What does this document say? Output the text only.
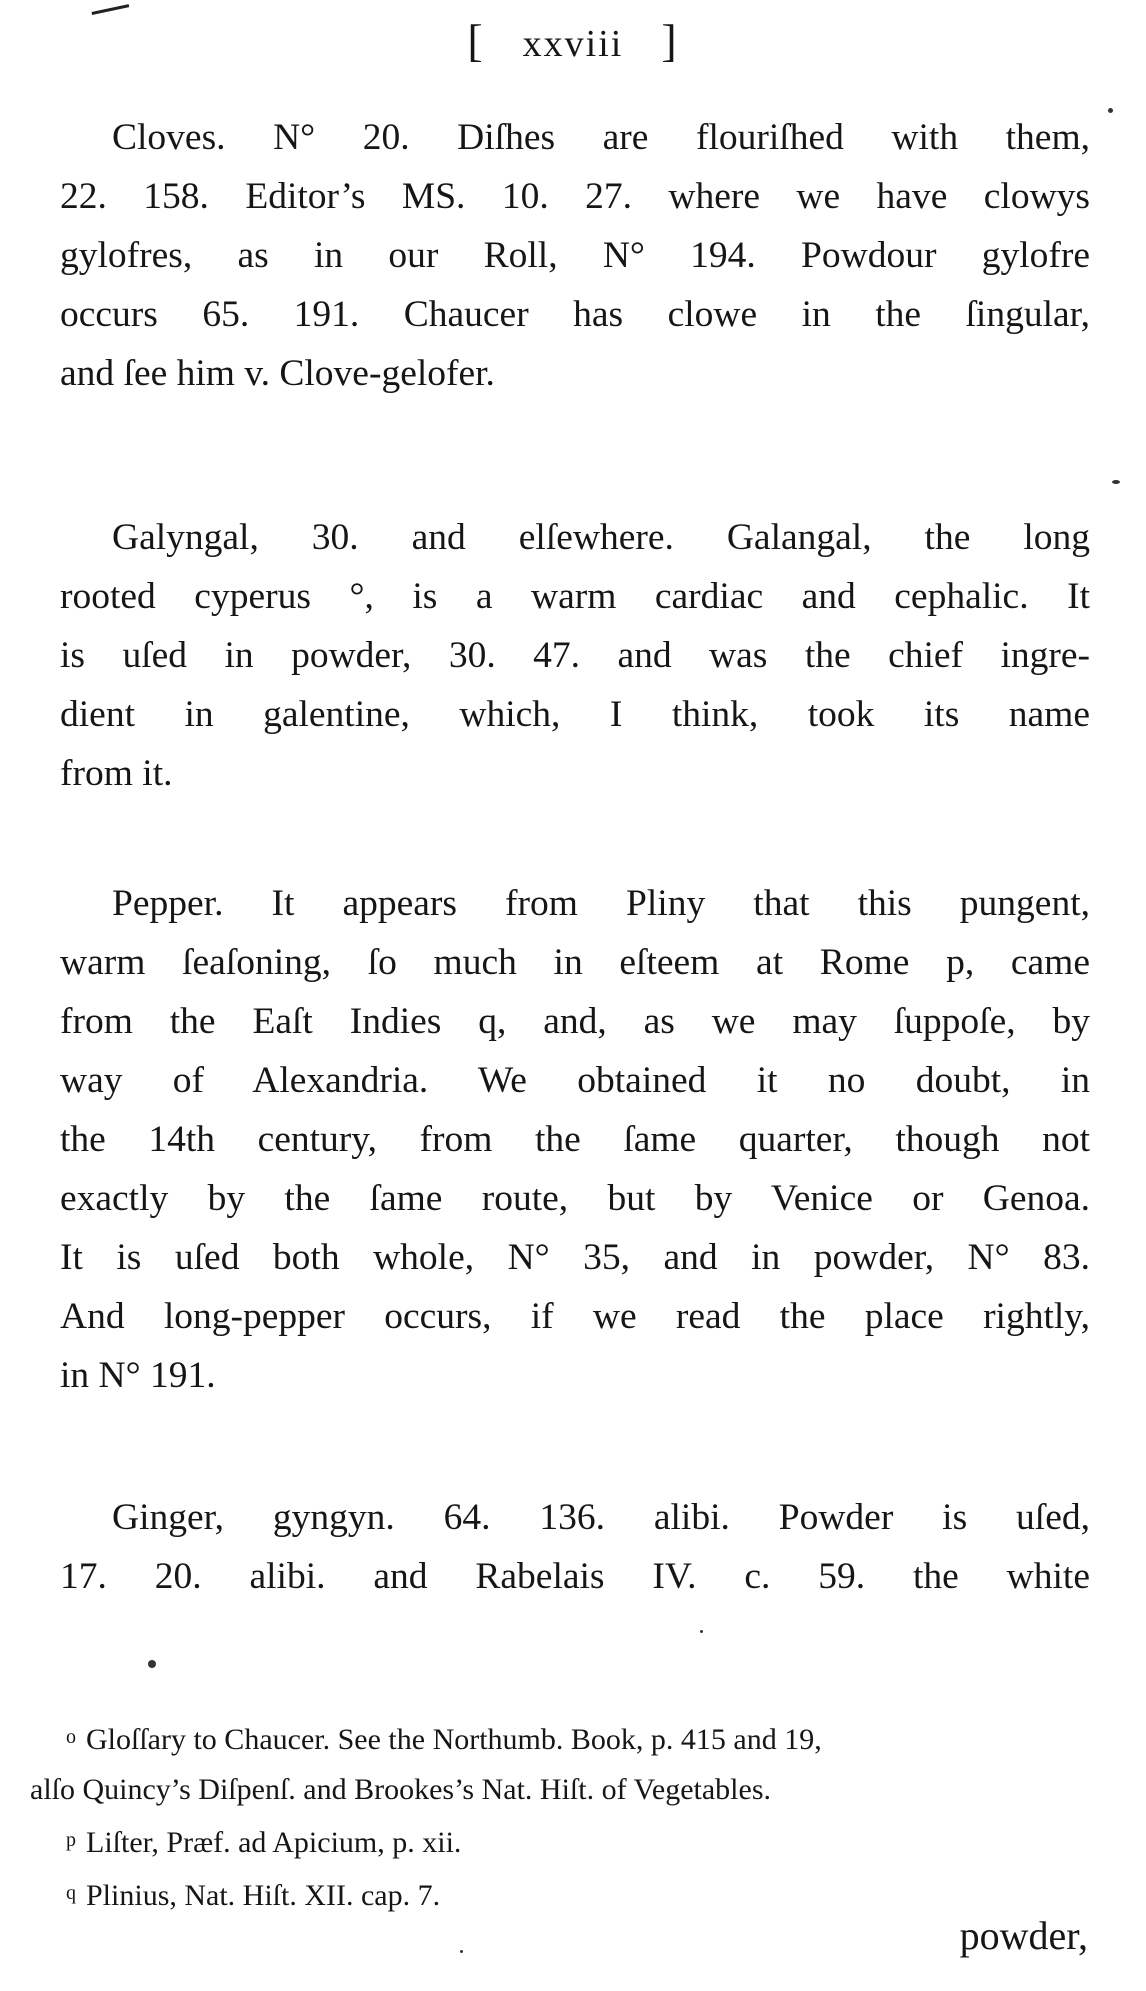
[ xxviii ]
Cloves. N° 20. Diſhes are flouriſhed with them,
22. 158. Editor’s MS. 10. 27. where we have clowys
gylofres, as in our Roll, N° 194. Powdour gylofre
occurs 65. 191. Chaucer has clowe in the ſingular,
and ſee him v. Clove-gelofer.
Galyngal, 30. and elſewhere. Galangal, the long
rooted cyperus °, is a warm cardiac and cephalic. It
is uſed in powder, 30. 47. and was the chief ingre-
dient in galentine, which, I think, took its name
from it.
Pepper. It appears from Pliny that this pungent,
warm ſeaſoning, ſo much in eſteem at Rome p, came
from the Eaſt Indies q, and, as we may ſuppoſe, by
way of Alexandria. We obtained it no doubt, in
the 14th century, from the ſame quarter, though not
exactly by the ſame route, but by Venice or Genoa.
It is uſed both whole, N° 35, and in powder, N° 83.
And long-pepper occurs, if we read the place rightly,
in N° 191.
Ginger, gyngyn. 64. 136. alibi. Powder is uſed,
17. 20. alibi. and Rabelais IV. c. 59. the white
$^o$ Gloſſary to Chaucer. See the Northumb. Book, p. 415 and 19,
alſo Quincy’s Diſpenſ. and Brookes’s Nat. Hiſt. of Vegetables.
$^p$ Liſter, Præf. ad Apicium, p. xii.
$^q$ Plinius, Nat. Hiſt. XII. cap. 7.
powder,
